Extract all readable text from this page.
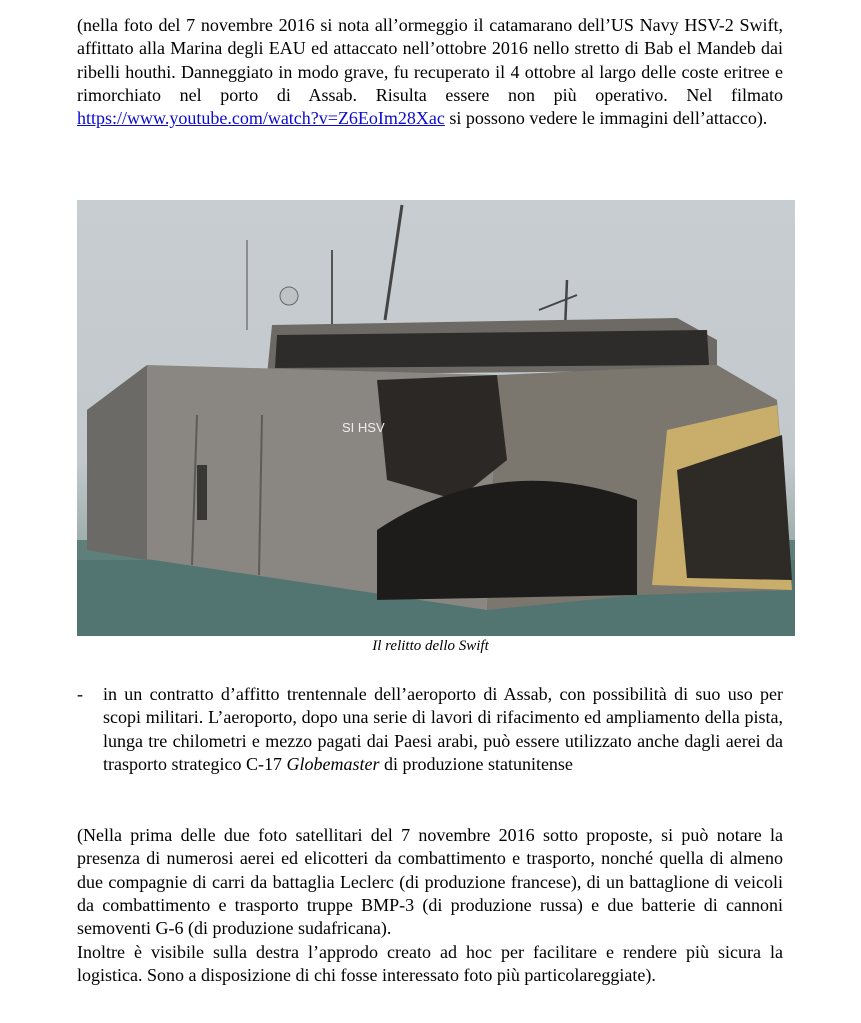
(nella foto del 7 novembre 2016 si nota all’ormeggio il catamarano dell’US Navy HSV-2 Swift, affittato alla Marina degli EAU ed attaccato nell’ottobre 2016 nello stretto di Bab el Mandeb dai ribelli houthi. Danneggiato in modo grave, fu recuperato il 4 ottobre al largo delle coste eritree e rimorchiato nel porto di Assab. Risulta essere non più operativo. Nel filmato https://www.youtube.com/watch?v=Z6EoIm28Xac si possono vedere le immagini dell’attacco).

SI HSV
Il relitto dello Swift
- in un contratto d’affitto trentennale dell’aeroporto di Assab, con possibilità di suo uso per scopi militari. L’aeroporto, dopo una serie di lavori di rifacimento ed ampliamento della pista, lunga tre chilometri e mezzo pagati dai Paesi arabi, può essere utilizzato anche dagli aerei da trasporto strategico C-17 Globemaster di produzione statunitense

(Nella prima delle due foto satellitari del 7 novembre 2016 sotto proposte, si può notare la presenza di numerosi aerei ed elicotteri da combattimento e trasporto, nonché quella di almeno due compagnie di carri da battaglia Leclerc (di produzione francese), di un battaglione di veicoli da combattimento e trasporto truppe BMP-3 (di produzione russa) e due batterie di cannoni semoventi G-6 (di produzione sudafricana).

Inoltre è visibile sulla destra l’approdo creato ad hoc per facilitare e rendere più sicura la logistica. Sono a disposizione di chi fosse interessato foto più particolareggiate).
